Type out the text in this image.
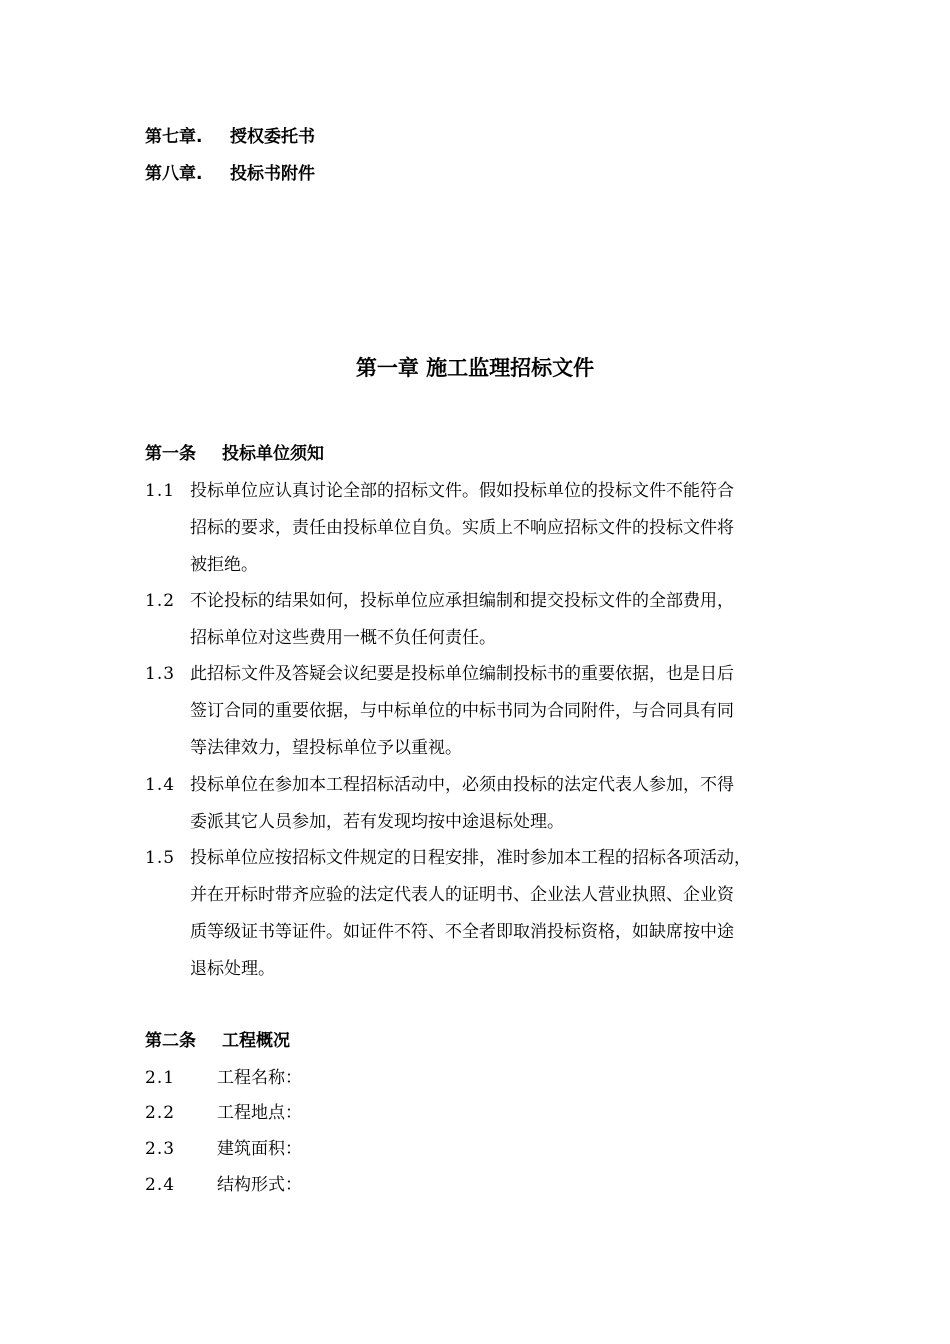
第七章. 授权委托书
第八章. 投标书附件
第一章 施工监理招标文件
第一条 投标单位须知
1.1 投标单位应认真讨论全部的招标文件。假如投标单位的投标文件不能符合
招标的要求，责任由投标单位自负。实质上不响应招标文件的投标文件将
被拒绝。
1.2 不论投标的结果如何，投标单位应承担编制和提交投标文件的全部费用，
招标单位对这些费用一概不负任何责任。
1.3 此招标文件及答疑会议纪要是投标单位编制投标书的重要依据，也是日后
签订合同的重要依据，与中标单位的中标书同为合同附件，与合同具有同
等法律效力，望投标单位予以重视。
1.4 投标单位在参加本工程招标活动中，必须由投标的法定代表人参加，不得
委派其它人员参加，若有发现均按中途退标处理。
1.5 投标单位应按招标文件规定的日程安排，准时参加本工程的招标各项活动，
并在开标时带齐应验的法定代表人的证明书、企业法人营业执照、企业资
质等级证书等证件。如证件不符、不全者即取消投标资格，如缺席按中途
退标处理。
第二条 工程概况
2.1 工程名称：
2.2 工程地点：
2.3 建筑面积：
2.4 结构形式：
